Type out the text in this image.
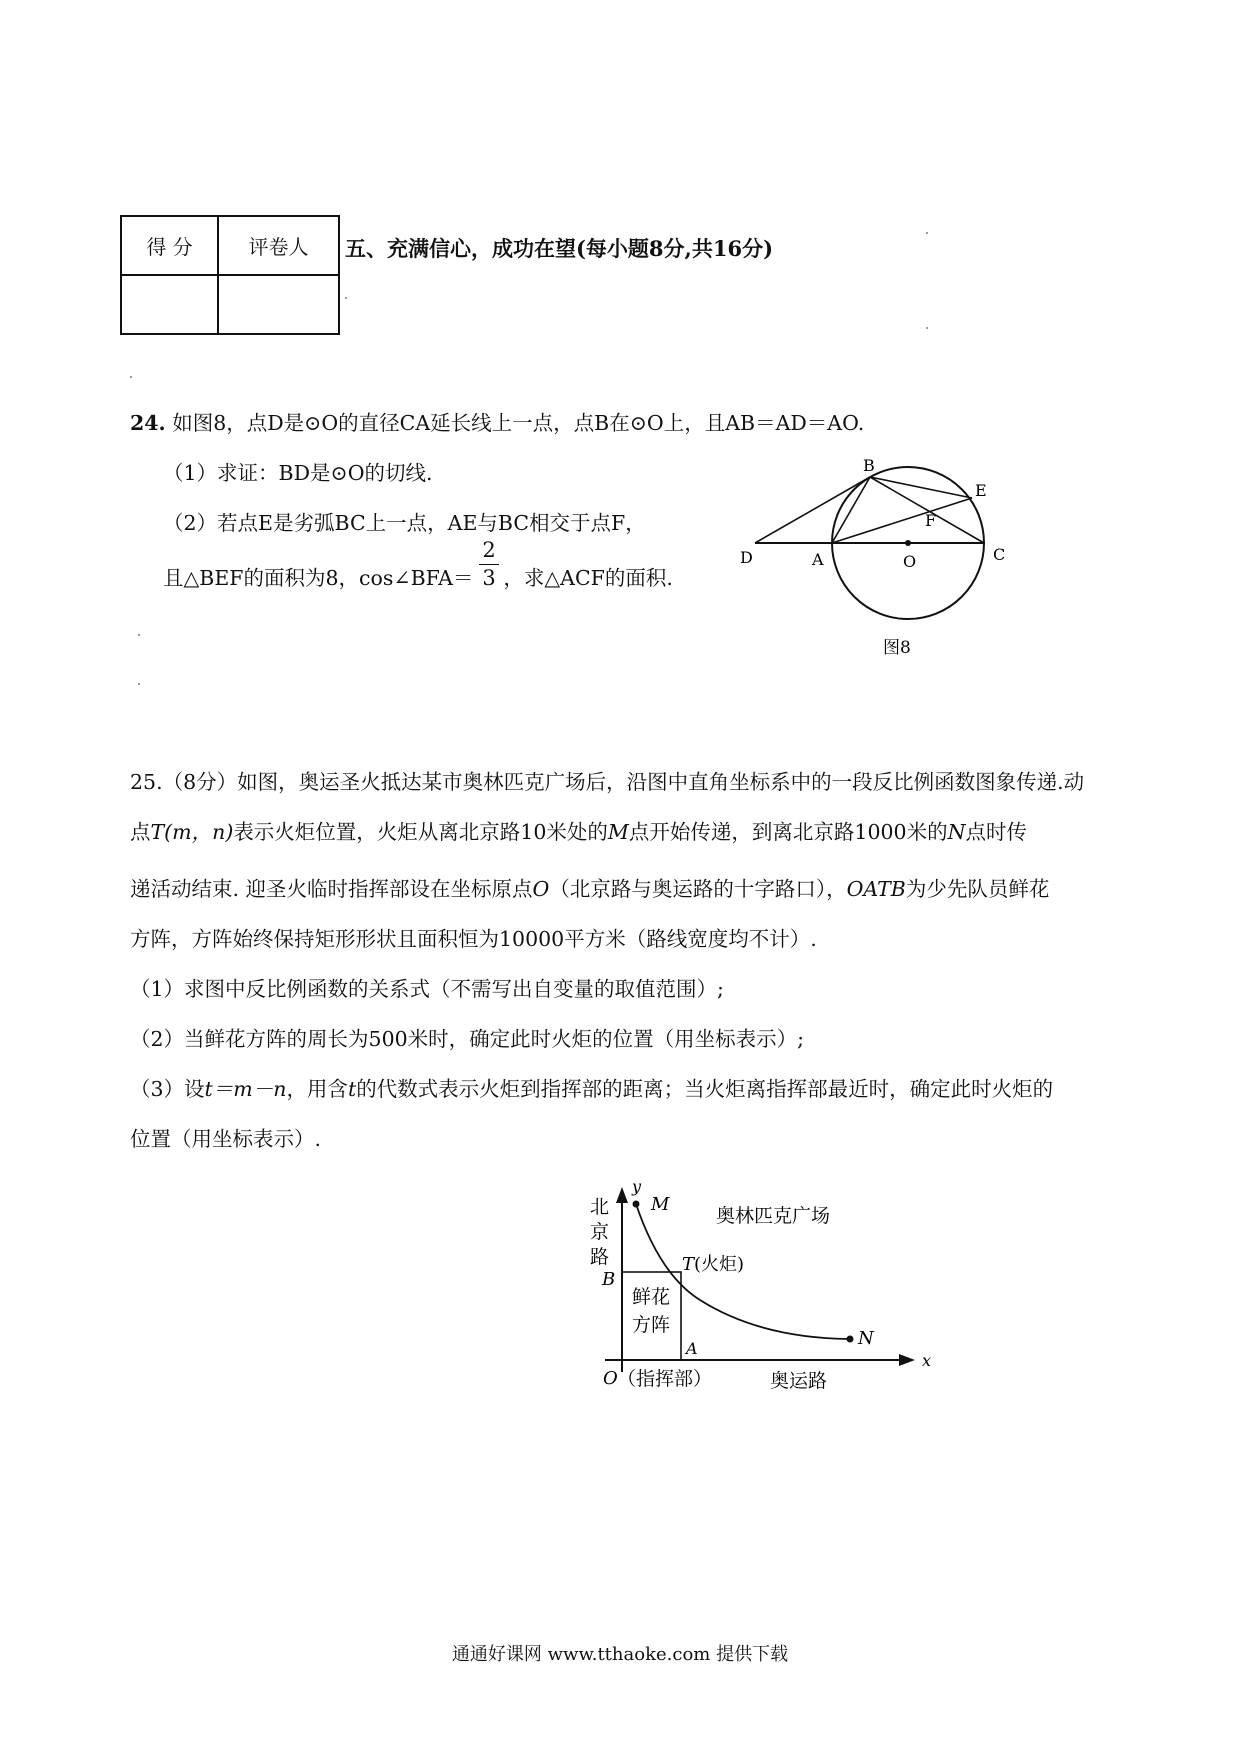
得 分	评卷人
	五、充满信心，成功在望(每小题8分,共16分)
24. 如图8，点D是⊙O的直径CA延长线上一点，点B在⊙O上，且AB＝AD＝AO.
（1）求证：BD是⊙O的切线.
（2）若点E是劣弧BC上一点，AE与BC相交于点F，
且△BEF的面积为8，cos∠BFA＝ ，求△ACF的面积.
2
3
B
E
F
D	A	O	C
图8
25.（8分）如图，奥运圣火抵达某市奥林匹克广场后，沿图中直角坐标系中的一段反比例函数图象传递.动
点T(m，n)表示火炬位置，火炬从离北京路10米处的M点开始传递，到离北京路1000米的N点时传
递活动结束. 迎圣火临时指挥部设在坐标原点O（北京路与奥运路的十字路口），OATB为少先队员鲜花
方阵，方阵始终保持矩形形状且面积恒为10000平方米（路线宽度均不计）.
（1）求图中反比例函数的关系式（不需写出自变量的取值范围）;
（2）当鲜花方阵的周长为500米时，确定此时火炬的位置（用坐标表示）;
（3）设t＝m－n，用含t的代数式表示火炬到指挥部的距离；当火炬离指挥部最近时，确定此时火炬的
位置（用坐标表示）.
y
x
北
京
路
M
奥林匹克广场
T (火炬)
B
鲜花
方阵
A	N
O （指挥部）	奥运路
通通好课网 www.tthaoke.com 提供下载
